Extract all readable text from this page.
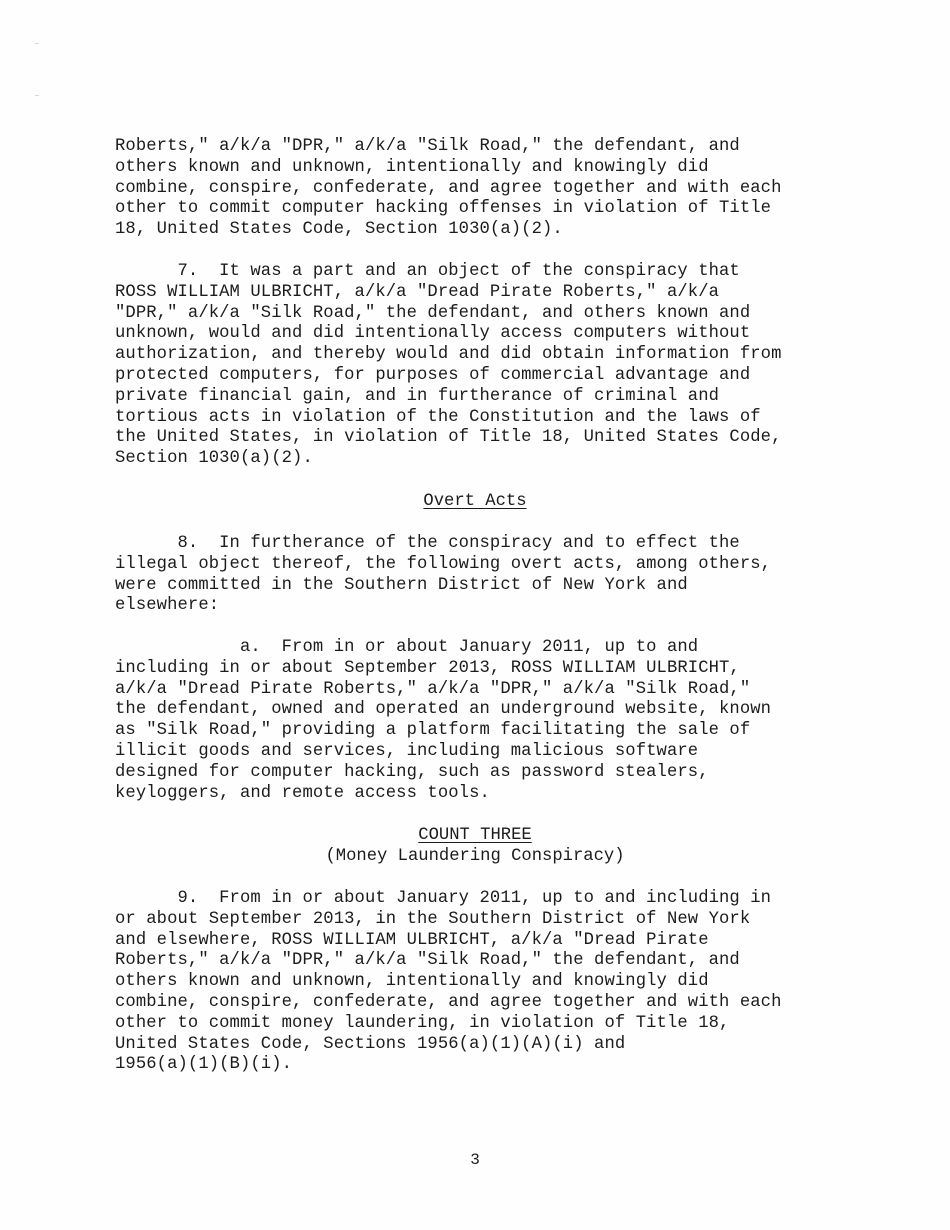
Roberts," a/k/a "DPR," a/k/a "Silk Road," the defendant, and
others known and unknown, intentionally and knowingly did
combine, conspire, confederate, and agree together and with each
other to commit computer hacking offenses in violation of Title
18, United States Code, Section 1030(a)(2).
7.  It was a part and an object of the conspiracy that
ROSS WILLIAM ULBRICHT, a/k/a "Dread Pirate Roberts," a/k/a
"DPR," a/k/a "Silk Road," the defendant, and others known and
unknown, would and did intentionally access computers without
authorization, and thereby would and did obtain information from
protected computers, for purposes of commercial advantage and
private financial gain, and in furtherance of criminal and
tortious acts in violation of the Constitution and the laws of
the United States, in violation of Title 18, United States Code,
Section 1030(a)(2).
Overt Acts
8.  In furtherance of the conspiracy and to effect the
illegal object thereof, the following overt acts, among others,
were committed in the Southern District of New York and
elsewhere:
a.  From in or about January 2011, up to and
including in or about September 2013, ROSS WILLIAM ULBRICHT,
a/k/a "Dread Pirate Roberts," a/k/a "DPR," a/k/a "Silk Road,"
the defendant, owned and operated an underground website, known
as "Silk Road," providing a platform facilitating the sale of
illicit goods and services, including malicious software
designed for computer hacking, such as password stealers,
keyloggers, and remote access tools.
COUNT THREE
(Money Laundering Conspiracy)
9.  From in or about January 2011, up to and including in
or about September 2013, in the Southern District of New York
and elsewhere, ROSS WILLIAM ULBRICHT, a/k/a "Dread Pirate
Roberts," a/k/a "DPR," a/k/a "Silk Road," the defendant, and
others known and unknown, intentionally and knowingly did
combine, conspire, confederate, and agree together and with each
other to commit money laundering, in violation of Title 18,
United States Code, Sections 1956(a)(1)(A)(i) and
1956(a)(1)(B)(i).
3
